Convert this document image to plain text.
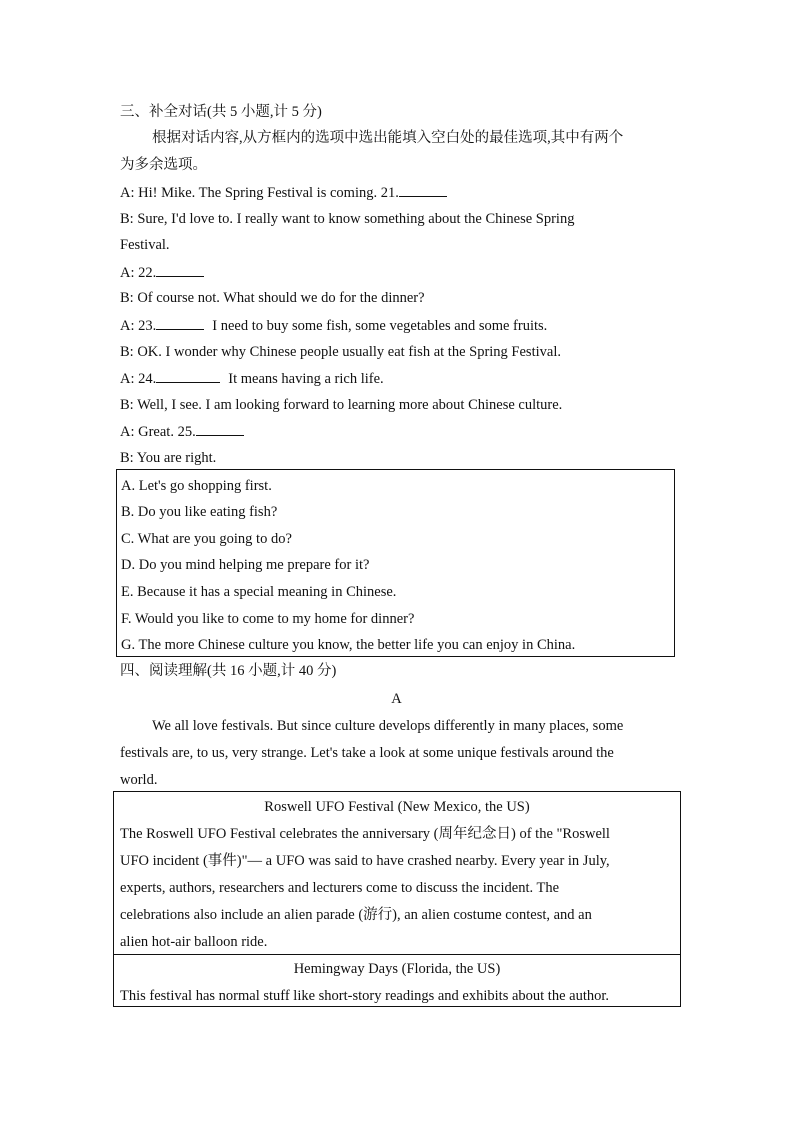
三、补全对话(共 5 小题,计 5 分)
根据对话内容,从方框内的选项中选出能填入空白处的最佳选项,其中有两个
为多余选项。
A: Hi! Mike. The Spring Festival is coming. 21.
B: Sure, I'd love to. I really want to know something about the Chinese Spring
Festival.
A: 22.
B: Of course not. What should we do for the dinner?
A: 23.	I need to buy some fish, some vegetables and some fruits.
B: OK. I wonder why Chinese people usually eat fish at the Spring Festival.
A: 24.	It means having a rich life.
B: Well, I see. I am looking forward to learning more about Chinese culture.
A: Great. 25.
B: You are right.
A. Let's go shopping first.
B. Do you like eating fish?
C. What are you going to do?
D. Do you mind helping me prepare for it?
E. Because it has a special meaning in Chinese.
F. Would you like to come to my home for dinner?
G. The more Chinese culture you know, the better life you can enjoy in China.
四、阅读理解(共 16 小题,计 40 分)
A
We all love festivals. But since culture develops differently in many places, some
festivals are, to us, very strange. Let's take a look at some unique festivals around the
world.
Roswell UFO Festival (New Mexico, the US)
The Roswell UFO Festival celebrates the anniversary (周年纪念日) of the "Roswell
UFO incident (事件)"— a UFO was said to have crashed nearby. Every year in July,
experts, authors, researchers and lecturers come to discuss the incident. The
celebrations also include an alien parade (游行), an alien costume contest, and an
alien hot-air balloon ride.
Hemingway Days (Florida, the US)
This festival has normal stuff like short-story readings and exhibits about the author.
